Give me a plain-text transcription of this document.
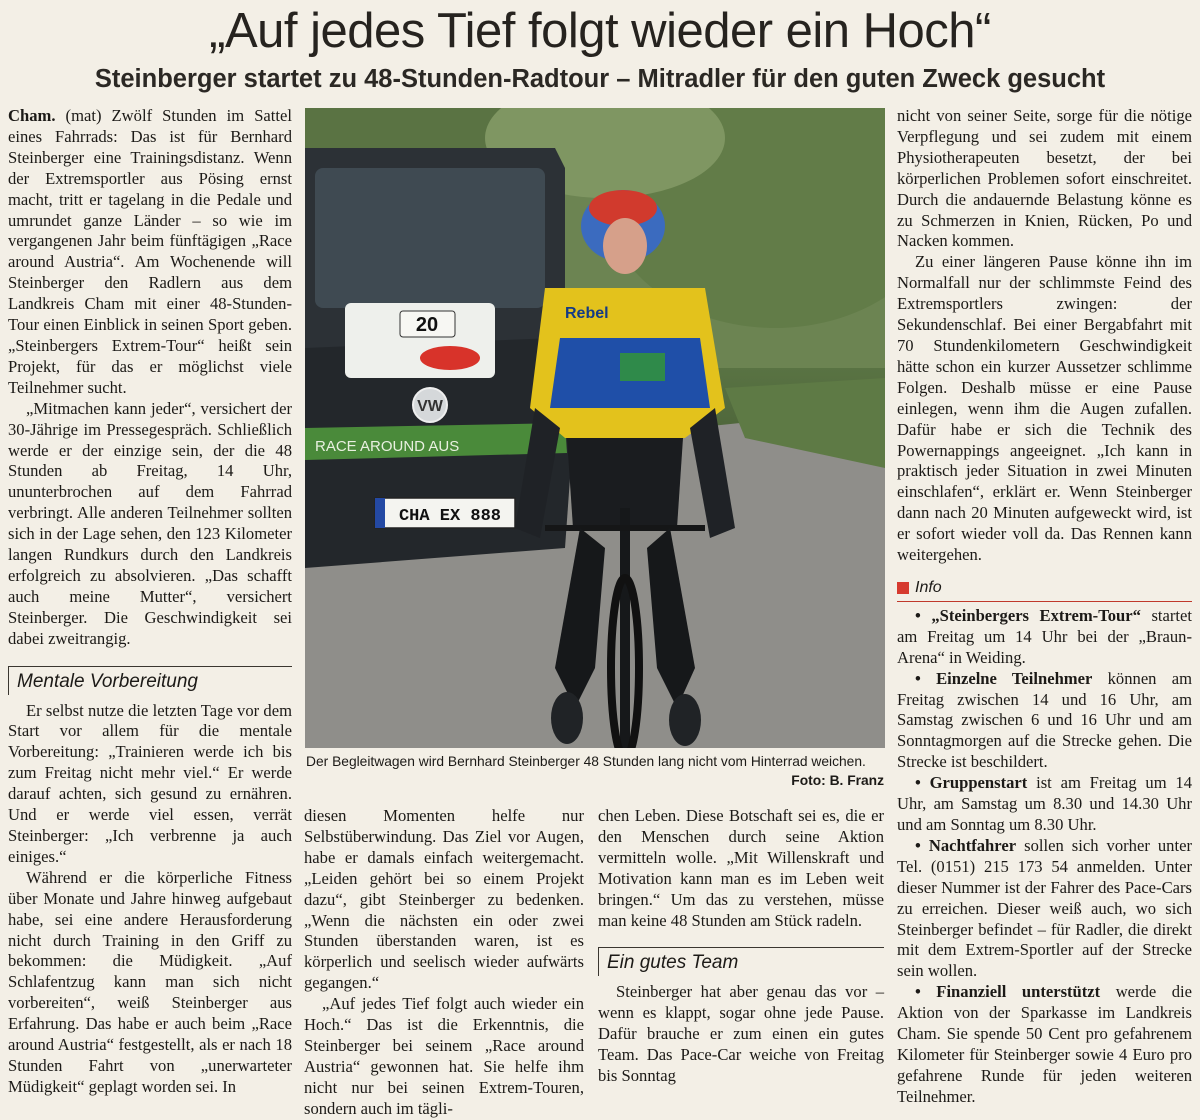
„Auf jedes Tief folgt wieder ein Hoch“
Steinberger startet zu 48-Stunden-Radtour – Mitradler für den guten Zweck gesucht

Cham. (mat) Zwölf Stunden im Sattel eines Fahrrads: Das ist für Bernhard Steinberger eine Trainingsdistanz. Wenn der Extremsportler aus Pösing ernst macht, tritt er tagelang in die Pedale und umrundet ganze Länder – so wie im vergangenen Jahr beim fünftägigen „Race around Austria“. Am Wochenende will Steinberger den Radlern aus dem Landkreis Cham mit einer 48-Stunden-Tour einen Einblick in seinen Sport geben. „Steinbergers Extrem-Tour“ heißt sein Projekt, für das er möglichst viele Teilnehmer sucht.

„Mitmachen kann jeder“, versichert der 30-Jährige im Pressegespräch. Schließlich werde er der einzige sein, der die 48 Stunden ab Freitag, 14 Uhr, ununterbrochen auf dem Fahrrad verbringt. Alle anderen Teilnehmer sollten sich in der Lage sehen, den 123 Kilometer langen Rundkurs durch den Landkreis erfolgreich zu absolvieren. „Das schafft auch meine Mutter“, versichert Steinberger. Die Geschwindigkeit sei dabei zweitrangig.

Mentale Vorbereitung

Er selbst nutze die letzten Tage vor dem Start vor allem für die mentale Vorbereitung: „Trainieren werde ich bis zum Freitag nicht mehr viel.“ Er werde darauf achten, sich gesund zu ernähren. Und er werde viel essen, verrät Steinberger: „Ich verbrenne ja auch einiges.“

Während er die körperliche Fitness über Monate und Jahre hinweg aufgebaut habe, sei eine andere Herausforderung nicht durch Training in den Griff zu bekommen: die Müdigkeit. „Auf Schlafentzug kann man sich nicht vorbereiten“, weiß Steinberger aus Erfahrung. Das habe er auch beim „Race around Austria“ festgestellt, als er nach 18 Stunden Fahrt von „unerwarteter Müdigkeit“ geplagt worden sei. In

20
VW
RACE AROUND AUS
CHA EX 888
Rebel

Der Begleitwagen wird Bernhard Steinberger 48 Stunden lang nicht vom Hinterrad weichen.
Foto: B. Franz

diesen Momenten helfe nur Selbstüberwindung. Das Ziel vor Augen, habe er damals einfach weitergemacht. „Leiden gehört bei so einem Projekt dazu“, gibt Steinberger zu bedenken. „Wenn die nächsten ein oder zwei Stunden überstanden waren, ist es körperlich und seelisch wieder aufwärts gegangen.“

„Auf jedes Tief folgt auch wieder ein Hoch.“ Das ist die Erkenntnis, die Steinberger bei seinem „Race around Austria“ gewonnen hat. Sie helfe ihm nicht nur bei seinen Extrem-Touren, sondern auch im tägli-

chen Leben. Diese Botschaft sei es, die er den Menschen durch seine Aktion vermitteln wolle. „Mit Willenskraft und Motivation kann man es im Leben weit bringen.“ Um das zu verstehen, müsse man keine 48 Stunden am Stück radeln.

Ein gutes Team

Steinberger hat aber genau das vor – wenn es klappt, sogar ohne jede Pause. Dafür brauche er zum einen ein gutes Team. Das Pace-Car weiche von Freitag bis Sonntag

nicht von seiner Seite, sorge für die nötige Verpflegung und sei zudem mit einem Physiotherapeuten besetzt, der bei körperlichen Problemen sofort einschreitet. Durch die andauernde Belastung könne es zu Schmerzen in Knien, Rücken, Po und Nacken kommen.

Zu einer längeren Pause könne ihn im Normalfall nur der schlimmste Feind des Extremsportlers zwingen: der Sekundenschlaf. Bei einer Bergabfahrt mit 70 Stundenkilometern Geschwindigkeit hätte schon ein kurzer Aussetzer schlimme Folgen. Deshalb müsse er eine Pause einlegen, wenn ihm die Augen zufallen. Dafür habe er sich die Technik des Powernappings angeeignet. „Ich kann in praktisch jeder Situation in zwei Minuten einschlafen“, erklärt er. Wenn Steinberger dann nach 20 Minuten aufgeweckt wird, ist er sofort wieder voll da. Das Rennen kann weitergehen.

Info

• „Steinbergers Extrem-Tour“ startet am Freitag um 14 Uhr bei der „Braun-Arena“ in Weiding.

• Einzelne Teilnehmer können am Freitag zwischen 14 und 16 Uhr, am Samstag zwischen 6 und 16 Uhr und am Sonntagmorgen auf die Strecke gehen. Die Strecke ist beschildert.

• Gruppenstart ist am Freitag um 14 Uhr, am Samstag um 8.30 und 14.30 Uhr und am Sonntag um 8.30 Uhr.

• Nachtfahrer sollen sich vorher unter Tel. (0151) 215 173 54 anmelden. Unter dieser Nummer ist der Fahrer des Pace-Cars zu erreichen. Dieser weiß auch, wo sich Steinberger befindet – für Radler, die direkt mit dem Extrem-Sportler auf der Strecke sein wollen.

• Finanziell unterstützt werde die Aktion von der Sparkasse im Landkreis Cham. Sie spende 50 Cent pro gefahrenem Kilometer für Steinberger sowie 4 Euro pro gefahrene Runde für jeden weiteren Teilnehmer.
